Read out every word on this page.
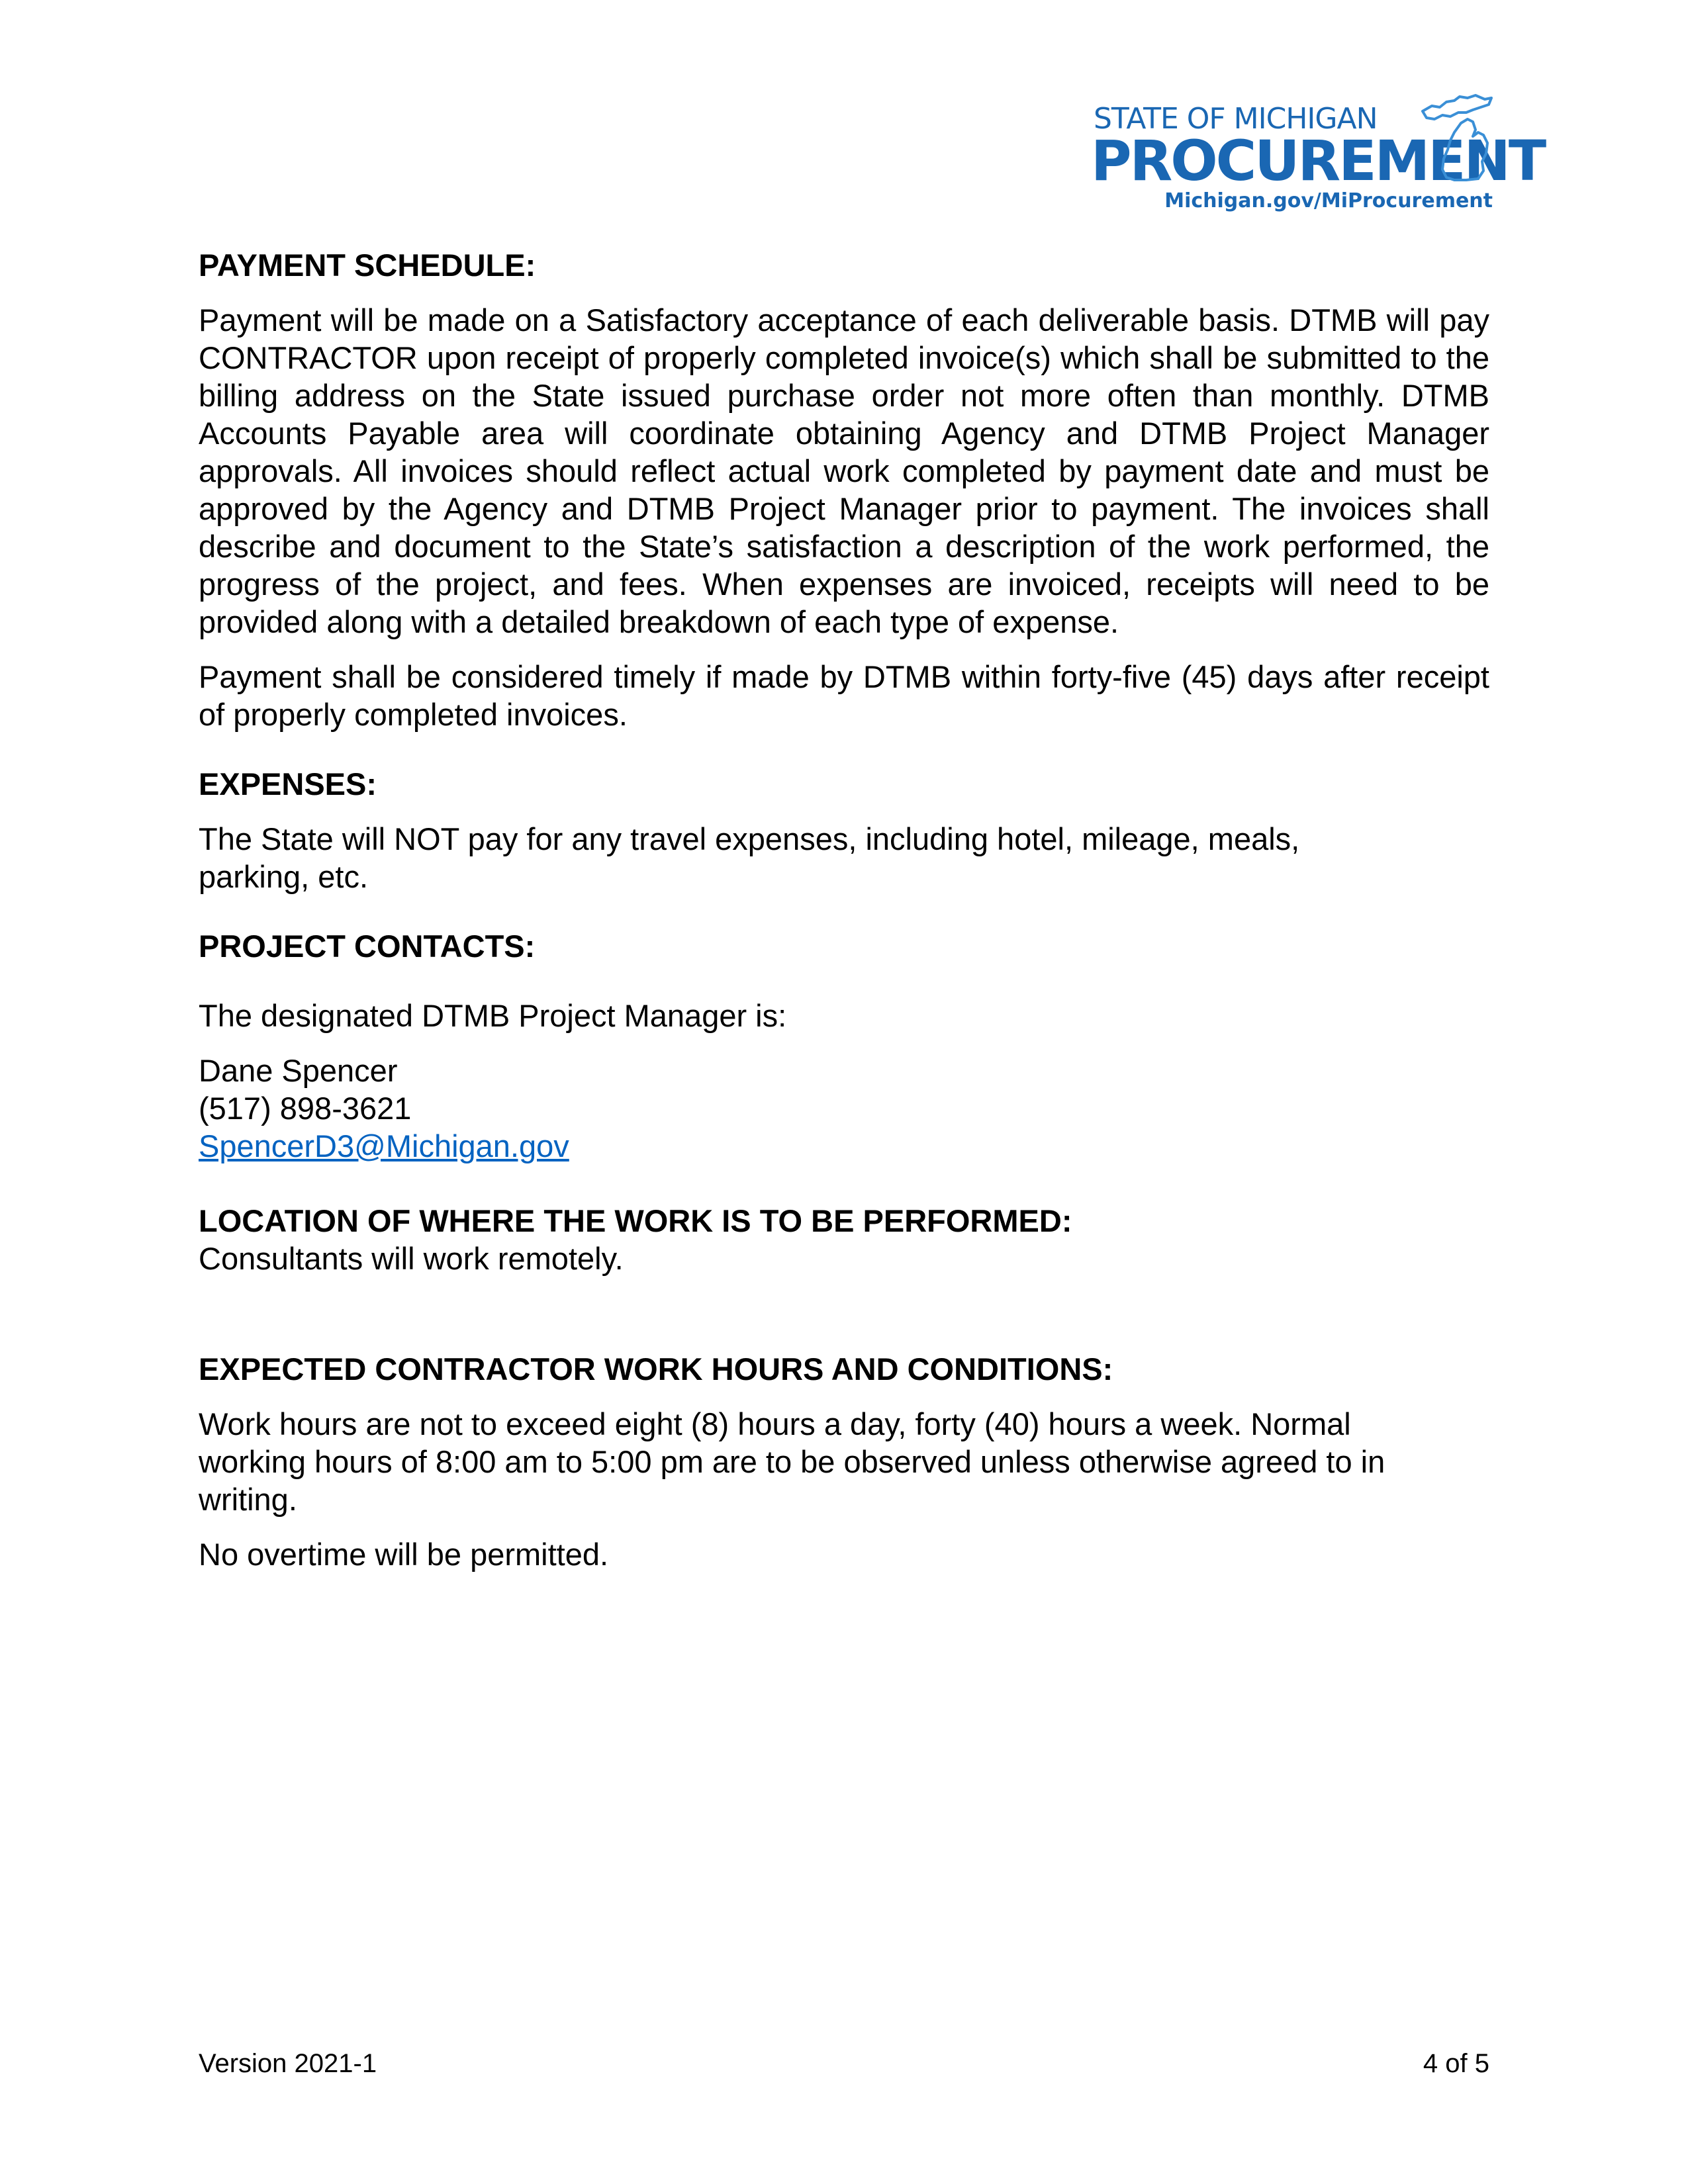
STATE OF MICHIGAN
PROCUREMENT
Michigan.gov/MiProcurement

PAYMENT SCHEDULE:

Payment will be made on a Satisfactory acceptance of each deliverable basis. DTMB will pay CONTRACTOR upon receipt of properly completed invoice(s) which shall be submitted to the billing address on the State issued purchase order not more often than monthly. DTMB Accounts Payable area will coordinate obtaining Agency and DTMB Project Manager approvals. All invoices should reflect actual work completed by payment date and must be approved by the Agency and DTMB Project Manager prior to payment. The invoices shall describe and document to the State’s satisfaction a description of the work performed, the progress of the project, and fees. When expenses are invoiced, receipts will need to be provided along with a detailed breakdown of each type of expense.

Payment shall be considered timely if made by DTMB within forty-five (45) days after receipt of properly completed invoices.

EXPENSES:

The State will NOT pay for any travel expenses, including hotel, mileage, meals,
parking, etc.

PROJECT CONTACTS:

The designated DTMB Project Manager is:

Dane Spencer
(517) 898-3621
SpencerD3@Michigan.gov

LOCATION OF WHERE THE WORK IS TO BE PERFORMED:

Consultants will work remotely.

EXPECTED CONTRACTOR WORK HOURS AND CONDITIONS:

Work hours are not to exceed eight (8) hours a day, forty (40) hours a week. Normal
working hours of 8:00 am to 5:00 pm are to be observed unless otherwise agreed to in
writing.

No overtime will be permitted.

Version 2021-1	4 of 5
